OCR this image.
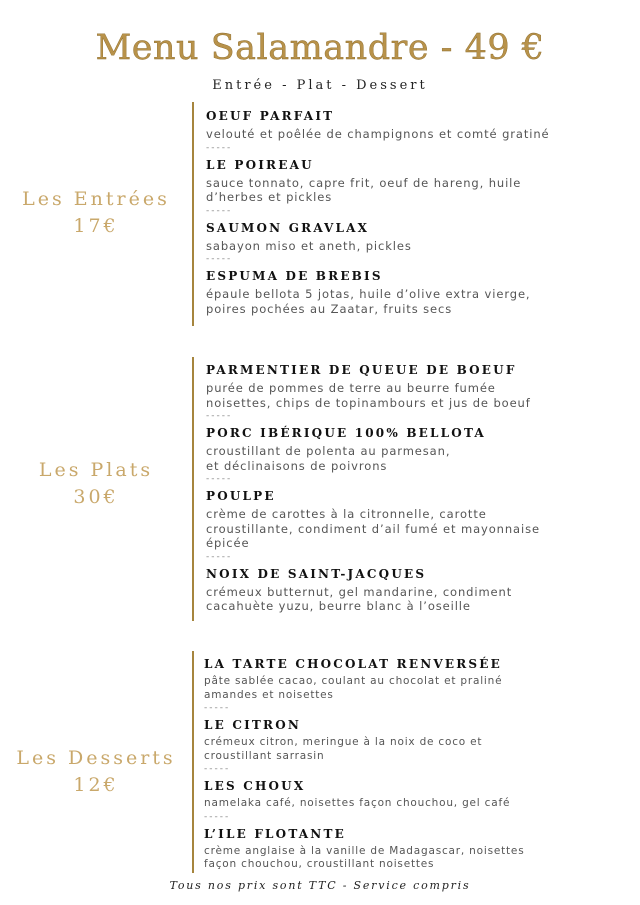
Menu Salamandre - 49 €
Entrée - Plat - Dessert
Les Entrées
17€

OEUF PARFAIT

velouté et poêlée de champignons et comté gratiné

-----

LE POIREAU

sauce tonnato, capre frit, oeuf de hareng, huile
d’herbes et pickles

-----

SAUMON GRAVLAX

sabayon miso et aneth, pickles

-----

ESPUMA DE BREBIS

épaule bellota 5 jotas, huile d’olive extra vierge,
poires pochées au Zaatar, fruits secs

Les Plats
30€

PARMENTIER DE QUEUE DE BOEUF

purée de pommes de terre au beurre fumée
noisettes, chips de topinambours et jus de boeuf

-----

PORC IBÉRIQUE 100% BELLOTA

croustillant de polenta au parmesan,
et déclinaisons de poivrons

-----

POULPE

crème de carottes à la citronnelle, carotte
croustillante, condiment d’ail fumé et mayonnaise
épicée

-----

NOIX DE SAINT-JACQUES

crémeux butternut, gel mandarine, condiment
cacahuète yuzu, beurre blanc à l’oseille

Les Desserts
12€

LA TARTE CHOCOLAT RENVERSÉE

pâte sablée cacao, coulant au chocolat et praliné
amandes et noisettes

-----

LE CITRON

crémeux citron, meringue à la noix de coco et
croustillant sarrasin

-----

LES CHOUX

namelaka café, noisettes façon chouchou, gel café

-----

L’ILE FLOTANTE

crème anglaise à la vanille de Madagascar, noisettes
façon chouchou, croustillant noisettes

Tous nos prix sont TTC - Service compris
